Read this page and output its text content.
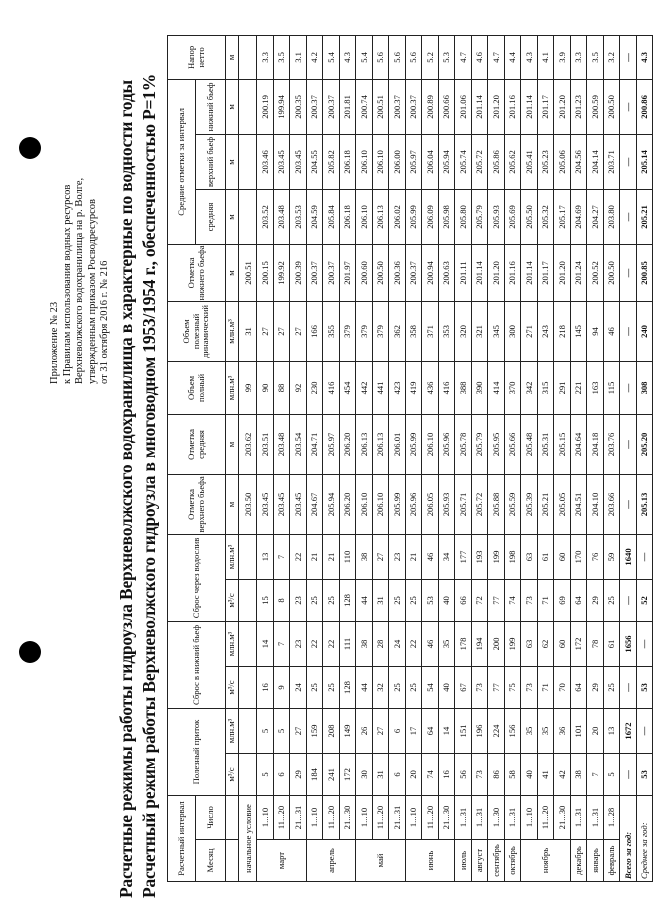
Приложение № 23 к Правилам использования водных ресурсов Верхневолжского водохранилища на р. Волге, утвержденным приказом Росводресурсов от 31 октября 2016 г. № 216 Расчетные режимы работы гидроузла Верхневолжского водохранилища в характерные по водности годы Расчетный режим работы Верхневолжского гидроузла в многоводном 1953/1954 г., обеспеченностью P=1% Расчетный интервал		Полезный приток		Сброс в нижний бьеф		Сброс через водослив		Отметка верхнего бьефа	Отметка средняя	Объем полный	Объем полезный динамический	Отметка нижнего бьефа	Средние отметки за интервал			Напор нетто
Месяц	Число												средняя	верхний бьеф	нижний бьеф	
		м³/с	млн.м³	м³/с	млн.м³	м³/с	млн.м³	м	м	млн.м³	млн.м³	м	м	м	м	м
начальное условие								203.50	203.62	99	31	200.51				
март	1...10	5	5	16	14	15	13	203.45	203.51	90	27	200.15	203.52	203.46	200.19	3.3
	11...20	6	5	9	7	8	7	203.45	203.48	88	27	199.92	203.48	203.45	199.94	3.5
	21...31	29	27	24	23	23	22	203.45	203.54	92	27	200.39	203.53	203.45	200.35	3.1
апрель	1...10	184	159	25	22	25	21	204.67	204.71	230	166	200.37	204.59	204.55	200.37	4.2
	11...20	241	208	25	22	25	21	205.94	205.97	416	355	200.37	205.84	205.82	200.37	5.4
	21...30	172	149	128	111	128	110	206.20	206.20	454	379	201.97	206.18	206.18	201.81	4.3
май	1...10	30	26	44	38	44	38	206.10	206.13	442	379	200.60	206.10	206.10	200.74	5.4
	11...20	31	27	32	28	31	27	206.10	206.13	441	379	200.50	206.13	206.10	200.51	5.6
	21...31	6	6	25	24	25	23	205.99	206.01	423	362	200.36	206.02	206.00	200.37	5.6
июнь	1...10	20	17	25	22	25	21	205.96	205.99	419	358	200.37	205.99	205.97	200.37	5.6
	11...20	74	64	54	46	53	46	206.05	206.10	436	371	200.94	206.09	206.04	200.89	5.2
	21...30	16	14	40	35	40	34	205.93	205.96	416	353	200.63	205.98	205.94	200.66	5.3
июль	1...31	56	151	67	178	66	177	205.71	205.78	388	320	201.11	205.80	205.74	201.06	4.7
август	1...31	73	196	73	194	72	193	205.72	205.79	390	321	201.14	205.79	205.72	201.14	4.6
сентябрь	1...30	86	224	77	200	77	199	205.88	205.95	414	345	201.20	205.93	205.86	201.20	4.7
октябрь	1...31	58	156	75	199	74	198	205.59	205.66	370	300	201.16	205.69	205.62	201.16	4.4
ноябрь	1...10	40	35	73	63	73	63	205.39	205.48	342	271	201.14	205.50	205.41	201.14	4.3
	11...20	41	35	71	62	71	61	205.21	205.31	315	243	201.17	205.32	205.23	201.17	4.1
	21...30	42	36	70	60	69	60	205.05	205.15	291	218	201.20	205.17	205.06	201.20	3.9
декабрь	1...31	38	101	64	172	64	170	204.51	204.64	221	145	201.24	204.69	204.56	201.23	3.3
январь	1...31	7	20	29	78	29	76	204.10	204.18	163	94	200.52	204.27	204.14	200.59	3.5
февраль	1...28	5	13	25	61	25	59	203.66	203.76	115	46	200.50	203.80	203.71	200.50	3.2
Всего за год:		—	1672	—	1656	—	1640	—	—	—	—	—	—	—	—	—
Среднее за год:		53	—	53	—	52	—	205.13	205.20	308	240	200.85	205.21	205.14	200.86	4.3
